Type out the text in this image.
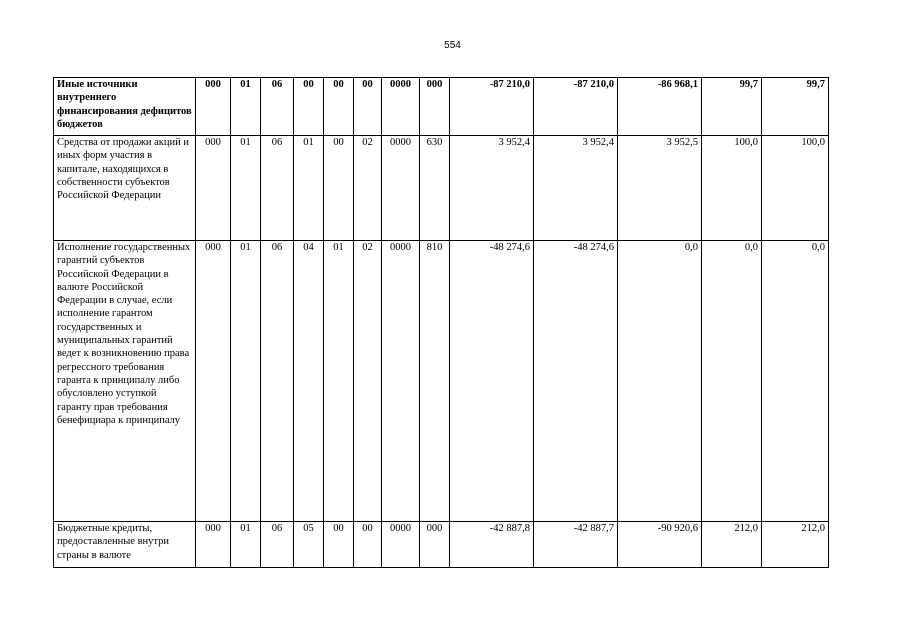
554
Иные источники внутреннего финансирования дефицитов бюджетов	000	01	06	00	00	00	0000	000	-87 210,0	-87 210,0	-86 968,1	99,7	99,7
Средства от продажи акций и иных форм участия в капитале, находящихся в собственности субъектов Российской Федерации	000	01	06	01	00	02	0000	630	3 952,4	3 952,4	3 952,5	100,0	100,0
Исполнение государственных гарантий субъектов Российской Федерации в валюте Российской Федерации в случае, если исполнение гарантом государственных и муниципальных гарантий ведет к возникновению права регрессного требования гаранта к принципалу либо обусловлено уступкой гаранту прав требования бенефициара к принципалу	000	01	06	04	01	02	0000	810	-48 274,6	-48 274,6	0,0	0,0	0,0
Бюджетные кредиты, предоставленные внутри страны в валюте	000	01	06	05	00	00	0000	000	-42 887,8	-42 887,7	-90 920,6	212,0	212,0
